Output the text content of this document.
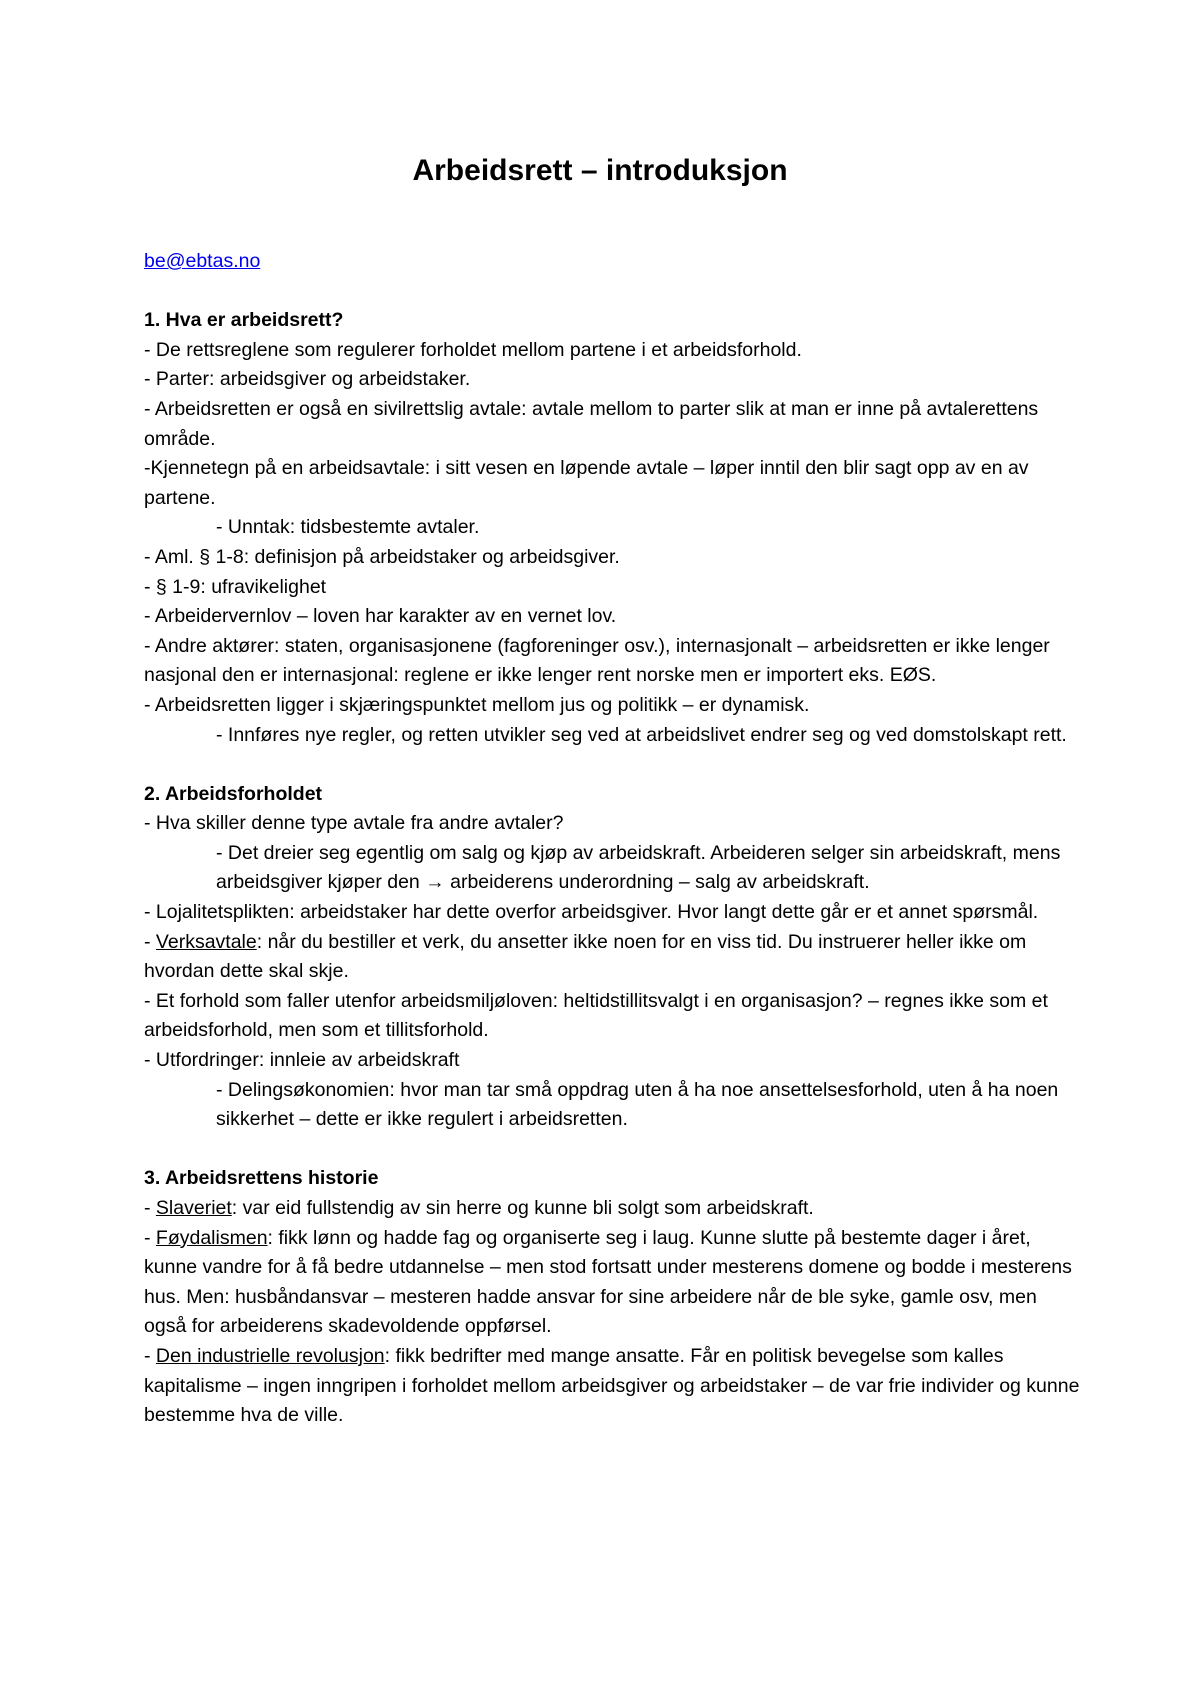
Arbeidsrett – introduksjon
be@ebtas.no

1. Hva er arbeidsrett?

- De rettsreglene som regulerer forholdet mellom partene i et arbeidsforhold.

- Parter: arbeidsgiver og arbeidstaker.

- Arbeidsretten er også en sivilrettslig avtale: avtale mellom to parter slik at man er inne på avtalerettens område.

-Kjennetegn på en arbeidsavtale: i sitt vesen en løpende avtale – løper inntil den blir sagt opp av en av partene.

- Unntak: tidsbestemte avtaler.

- Aml. § 1-8: definisjon på arbeidstaker og arbeidsgiver.

- § 1-9: ufravikelighet

- Arbeidervernlov – loven har karakter av en vernet lov.

- Andre aktører: staten, organisasjonene (fagforeninger osv.), internasjonalt – arbeidsretten er ikke lenger nasjonal den er internasjonal: reglene er ikke lenger rent norske men er importert eks. EØS.

- Arbeidsretten ligger i skjæringspunktet mellom jus og politikk – er dynamisk.

- Innføres nye regler, og retten utvikler seg ved at arbeidslivet endrer seg og ved domstolskapt rett.

2. Arbeidsforholdet

- Hva skiller denne type avtale fra andre avtaler?

- Det dreier seg egentlig om salg og kjøp av arbeidskraft. Arbeideren selger sin arbeidskraft, mens arbeidsgiver kjøper den → arbeiderens underordning – salg av arbeidskraft.

- Lojalitetsplikten: arbeidstaker har dette overfor arbeidsgiver. Hvor langt dette går er et annet spørsmål.

- Verksavtale: når du bestiller et verk, du ansetter ikke noen for en viss tid. Du instruerer heller ikke om hvordan dette skal skje.

- Et forhold som faller utenfor arbeidsmiljøloven: heltidstillitsvalgt i en organisasjon? – regnes ikke som et arbeidsforhold, men som et tillitsforhold.

- Utfordringer: innleie av arbeidskraft

- Delingsøkonomien: hvor man tar små oppdrag uten å ha noe ansettelsesforhold, uten å ha noen sikkerhet – dette er ikke regulert i arbeidsretten.

3. Arbeidsrettens historie

- Slaveriet: var eid fullstendig av sin herre og kunne bli solgt som arbeidskraft.

- Føydalismen: fikk lønn og hadde fag og organiserte seg i laug. Kunne slutte på bestemte dager i året, kunne vandre for å få bedre utdannelse – men stod fortsatt under mesterens domene og bodde i mesterens hus. Men: husbåndansvar – mesteren hadde ansvar for sine arbeidere når de ble syke, gamle osv, men også for arbeiderens skadevoldende oppførsel.

- Den industrielle revolusjon: fikk bedrifter med mange ansatte. Får en politisk bevegelse som kalles kapitalisme – ingen inngripen i forholdet mellom arbeidsgiver og arbeidstaker – de var frie individer og kunne bestemme hva de ville.
